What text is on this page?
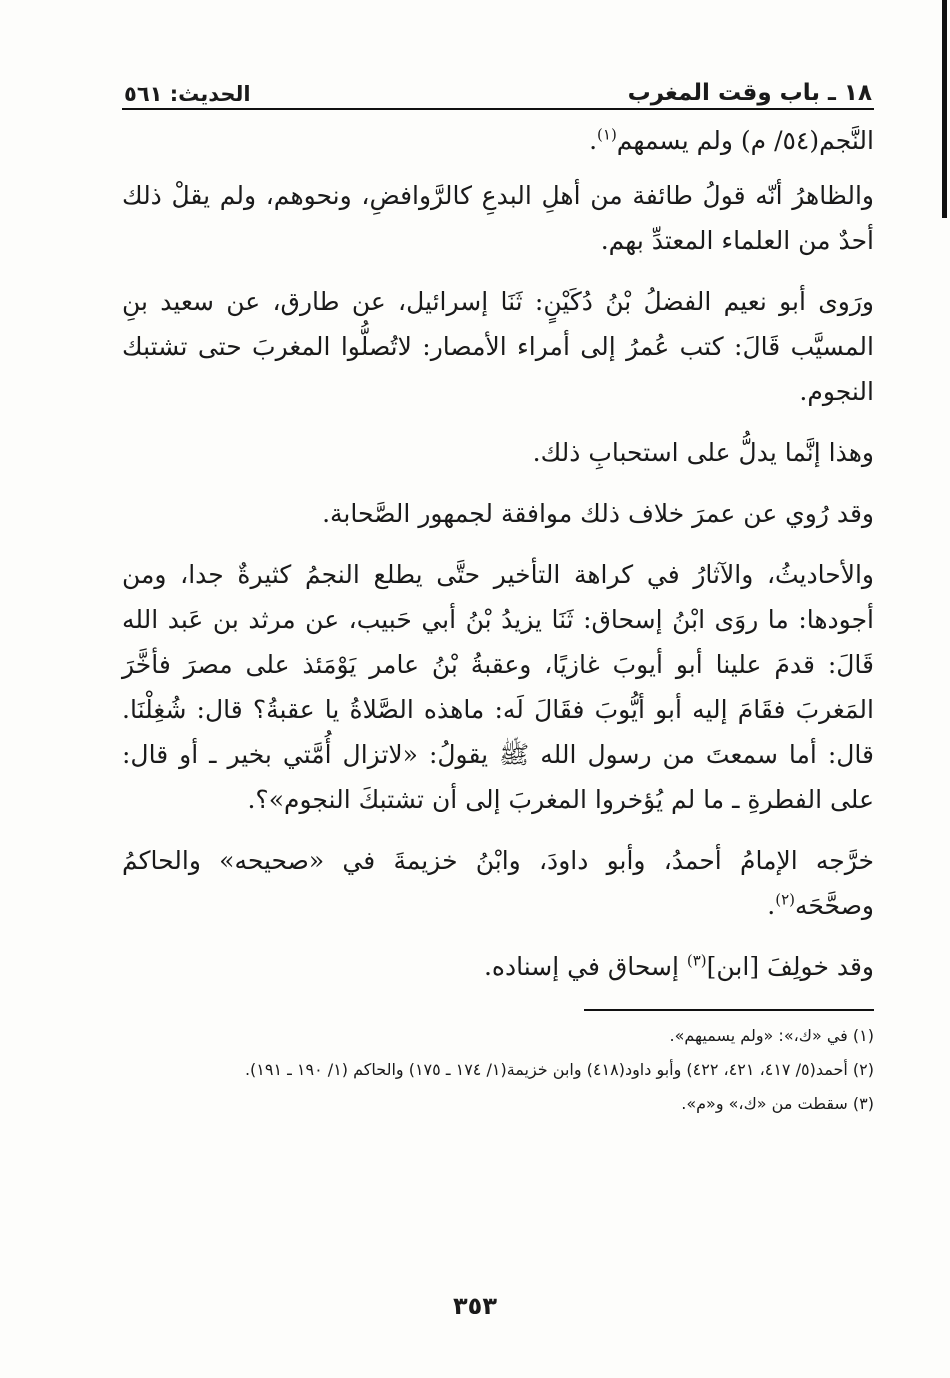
١٨ ـ باب وقت المغرب
الحديث: ٥٦١

النَّجم(٥٤/ م) ولم يسمهم$^{(١)}$.

والظاهرُ أنّه قولُ طائفة من أهلِ البدعِ كالرَّوافضِ، ونحوهم، ولم يقلْ ذلك أحدٌ من العلماء المعتدِّ بهم.

ورَوى أبو نعيم الفضلُ بْنُ دُكَيْنٍ: ثَنَا إسرائيل، عن طارق، عن سعيد بنِ المسيَّب قَالَ: كتب عُمرُ إلى أمراء الأمصار: لاتُصلُّوا المغربَ حتى تشتبك النجوم.

وهذا إنَّما يدلُّ على استحبابِ ذلك.

وقد رُوي عن عمرَ خلاف ذلك موافقة لجمهور الصَّحابة.

والأحاديثُ، والآثارُ في كراهة التأخير حتَّى يطلع النجمُ كثيرةٌ جدا، ومن أجودها: ما روَى ابْنُ إسحاق: ثَنَا يزيدُ بْنُ أبي حَبيب، عن مرثد بن عَبد الله قَالَ: قدمَ علينا أبو أيوبَ غازيًا، وعقبةُ بْنُ عامر يَوْمَئذ على مصرَ فأخَّرَ المَغربَ فقَامَ إليه أبو أيُّوبَ فقَالَ لَه: ماهذه الصَّلاةُ يا عقبةُ؟ قال: شُغِلْنَا. قال: أما سمعتَ من رسول الله ﷺ يقولُ: «لاتزال أُمَّتي بخير ـ أو قال: على الفطرةِ ـ ما لم يُؤخروا المغربَ إلى أن تشتبكَ النجوم»؟.

خرَّجه الإمامُ أحمدُ، وأبو داودَ، وابْنُ خزيمةَ في «صحيحه» والحاكمُ وصحَّحَه$^{(٢)}$.

وقد خولِفَ [ابن]$^{(٣)}$ إسحاق في إسناده.

(١) في «ك،»: «ولم يسميهم».

(٢) أحمد(٥/ ٤١٧، ٤٢١، ٤٢٢) وأبو داود(٤١٨) وابن خزيمة(١/ ١٧٤ ـ ١٧٥) والحاكم (١/ ١٩٠ ـ ١٩١).

(٣) سقطت من «ك،» و«م».

٣٥٣
